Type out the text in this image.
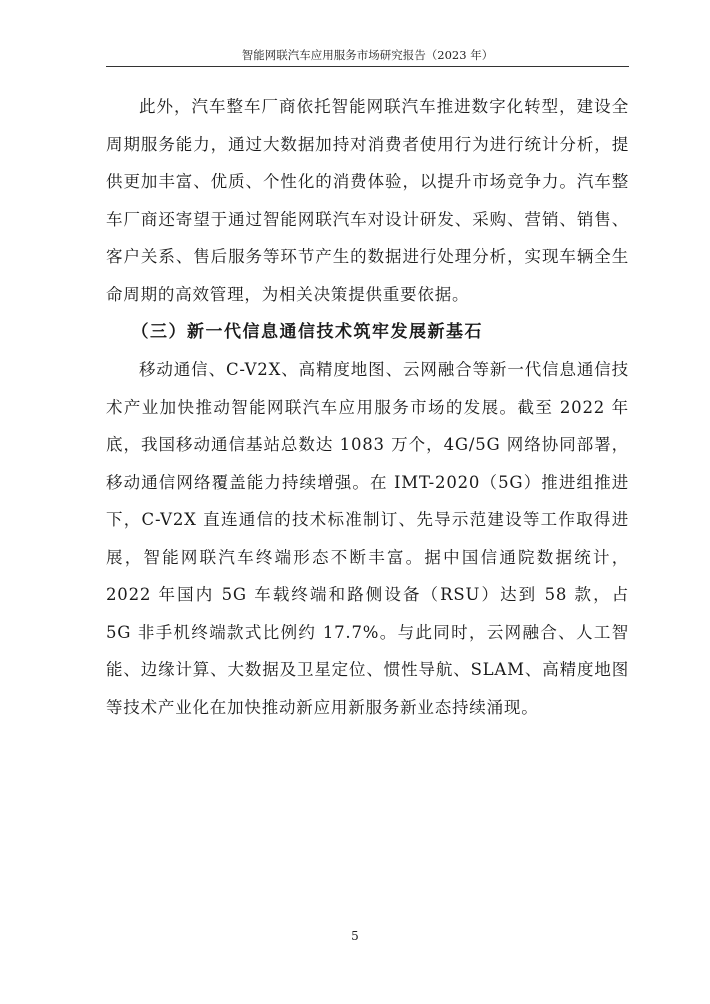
智能网联汽车应用服务市场研究报告（2023 年）

此外，汽车整车厂商依托智能网联汽车推进数字化转型，建设全周期服务能力，通过大数据加持对消费者使用行为进行统计分析，提供更加丰富、优质、个性化的消费体验，以提升市场竞争力。汽车整车厂商还寄望于通过智能网联汽车对设计研发、采购、营销、销售、客户关系、售后服务等环节产生的数据进行处理分析，实现车辆全生命周期的高效管理，为相关决策提供重要依据。

（三）新一代信息通信技术筑牢发展新基石

移动通信、C-V2X、高精度地图、云网融合等新一代信息通信技术产业加快推动智能网联汽车应用服务市场的发展。截至 2022 年底，我国移动通信基站总数达 1083 万个，4G/5G 网络协同部署，移动通信网络覆盖能力持续增强。在 IMT-2020（5G）推进组推进下，C-V2X 直连通信的技术标准制订、先导示范建设等工作取得进展，智能网联汽车终端形态不断丰富。据中国信通院数据统计，2022 年国内 5G 车载终端和路侧设备（RSU）达到 58 款，占 5G 非手机终端款式比例约 17.7%。与此同时，云网融合、人工智能、边缘计算、大数据及卫星定位、惯性导航、SLAM、高精度地图等技术产业化在加快推动新应用新服务新业态持续涌现。

5
